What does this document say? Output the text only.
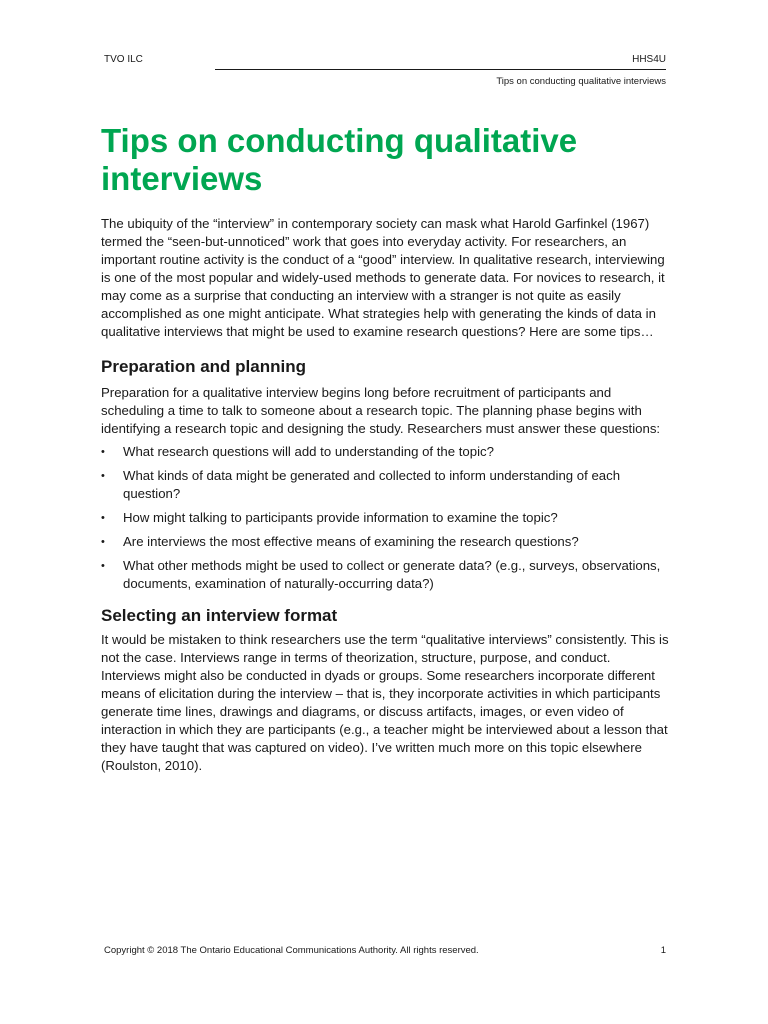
TVO ILC	HHS4U
Tips on conducting qualitative interviews
Tips on conducting qualitative interviews

The ubiquity of the “interview” in contemporary society can mask what Harold Garfinkel (1967) termed the “seen-but-unnoticed” work that goes into everyday activity. For researchers, an important routine activity is the conduct of a “good” interview. In qualitative research, interviewing is one of the most popular and widely-used methods to generate data. For novices to research, it may come as a surprise that conducting an interview with a stranger is not quite as easily accomplished as one might anticipate. What strategies help with generating the kinds of data in qualitative interviews that might be used to examine research questions? Here are some tips…

Preparation and planning

Preparation for a qualitative interview begins long before recruitment of participants and scheduling a time to talk to someone about a research topic. The planning phase begins with identifying a research topic and designing the study. Researchers must answer these questions:

• What research questions will add to understanding of the topic?
• What kinds of data might be generated and collected to inform understanding of each question?
• How might talking to participants provide information to examine the topic?
• Are interviews the most effective means of examining the research questions?
• What other methods might be used to collect or generate data? (e.g., surveys, observations, documents, examination of naturally-occurring data?)
Selecting an interview format

It would be mistaken to think researchers use the term “qualitative interviews” consistently. This is not the case. Interviews range in terms of theorization, structure, purpose, and conduct. Interviews might also be conducted in dyads or groups. Some researchers incorporate different means of elicitation during the interview – that is, they incorporate activities in which participants generate time lines, drawings and diagrams, or discuss artifacts, images, or even video of interaction in which they are participants (e.g., a teacher might be interviewed about a lesson that they have taught that was captured on video). I’ve written much more on this topic elsewhere (Roulston, 2010).

Copyright © 2018 The Ontario Educational Communications Authority. All rights reserved.	1
